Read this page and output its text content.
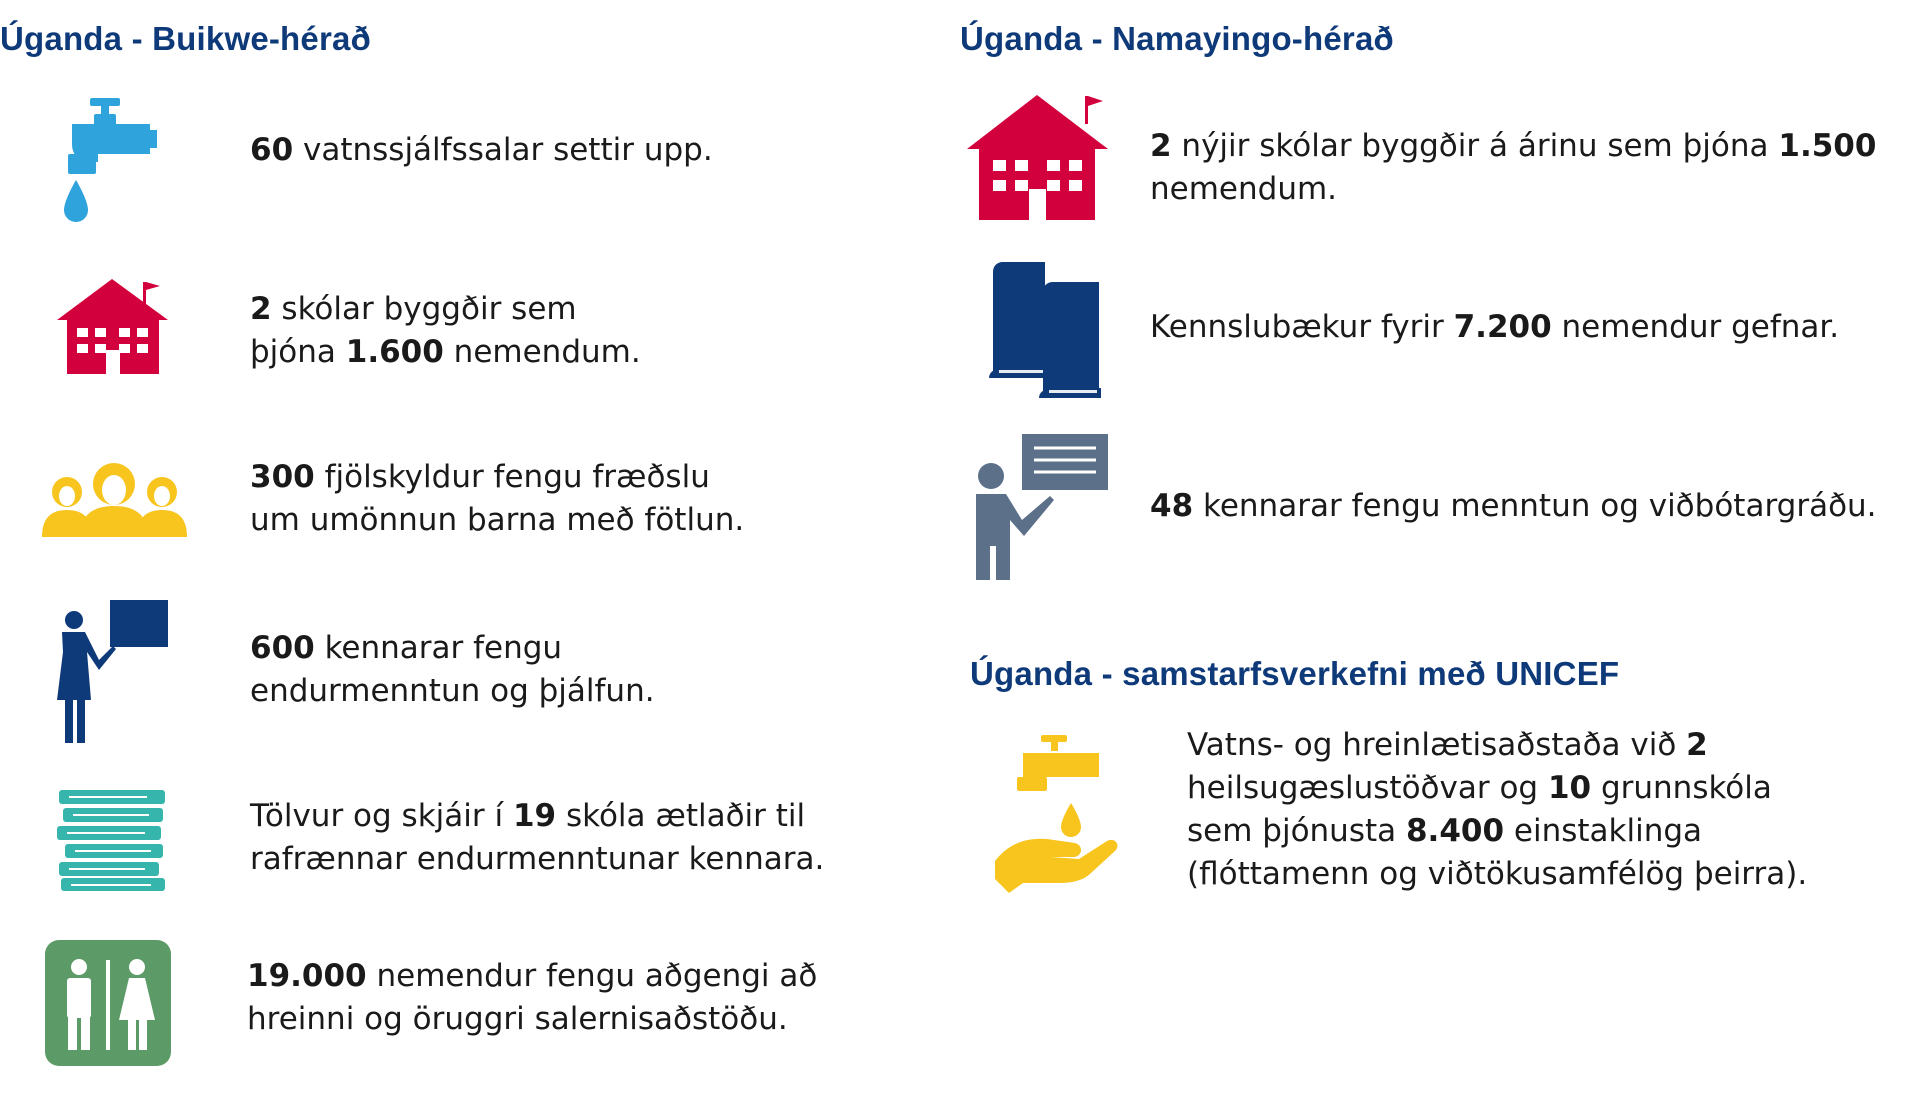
Úganda - Buikwe-hérað

60 vatnssjálfssalar settir upp.

2 skólar byggðir sem
þjóna 1.600 nemendum.

300 fjölskyldur fengu fræðslu
um umönnun barna með fötlun.

600 kennarar fengu
endurmenntun og þjálfun.

Tölvur og skjáir í 19 skóla ætlaðir til
rafrænnar endurmenntunar kennara.

19.000 nemendur fengu aðgengi að
hreinni og öruggri salernisaðstöðu.

Úganda - Namayingo-hérað

2 nýjir skólar byggðir á árinu sem þjóna 1.500
nemendum.

Kennslubækur fyrir 7.200 nemendur gefnar.

48 kennarar fengu menntun og viðbótargráðu.

Úganda - samstarfsverkefni með UNICEF

Vatns- og hreinlætisaðstaða við 2
heilsugæslustöðvar og 10 grunnskóla
sem þjónusta 8.400 einstaklinga
(flóttamenn og viðtökusamfélög þeirra).
